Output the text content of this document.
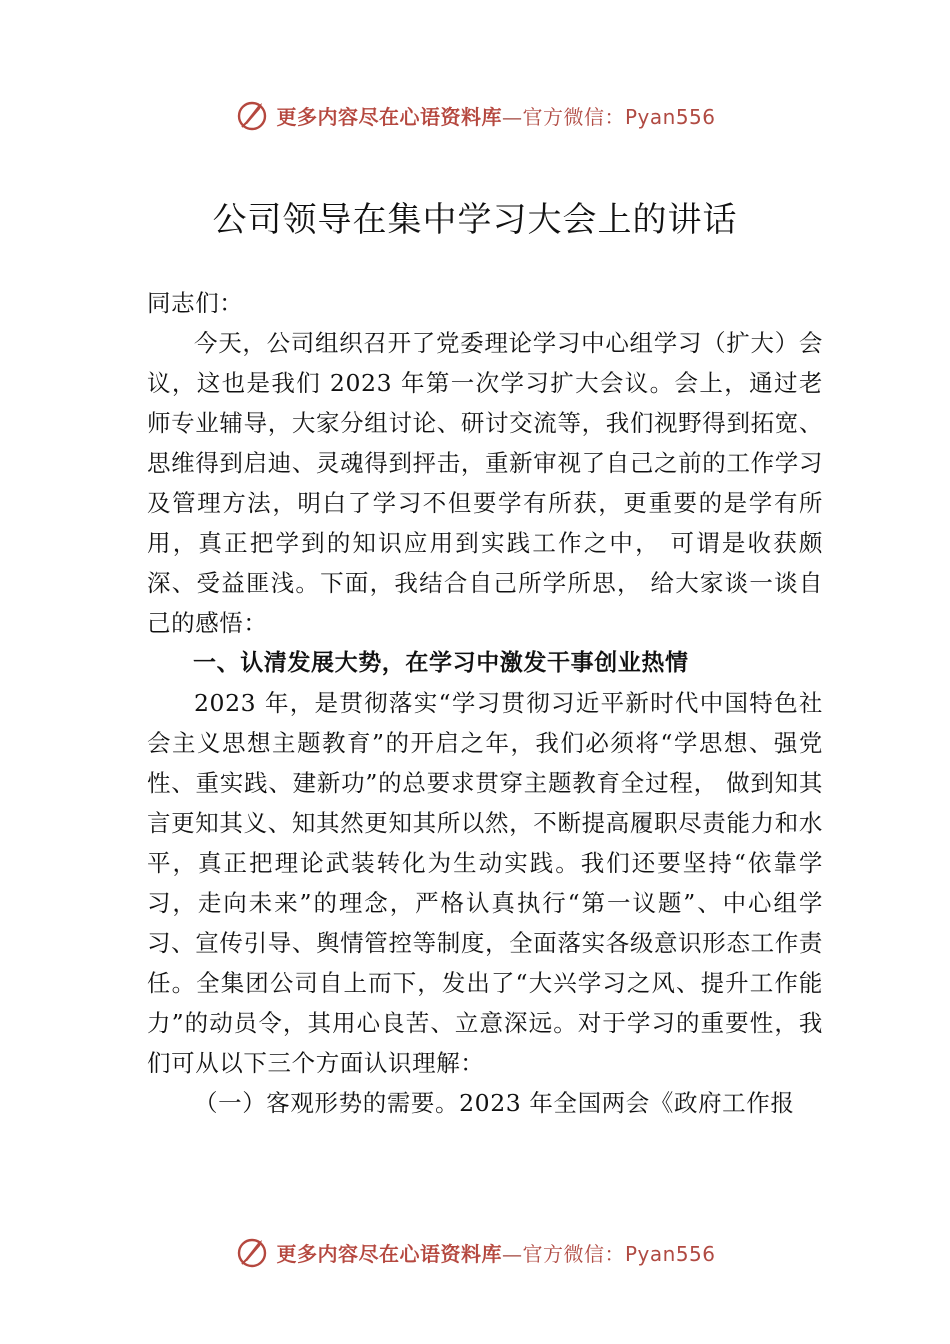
更多内容尽在心语资料库—官方微信：Pyan556
公司领导在集中学习大会上的讲话

同志们：

今天，公司组织召开了党委理论学习中心组学习（扩大）会议，这也是我们 2023 年第一次学习扩大会议。会上，通过老师专业辅导，大家分组讨论、研讨交流等，我们视野得到拓宽、思维得到启迪、灵魂得到抨击，重新审视了自己之前的工作学习及管理方法，明白了学习不但要学有所获，更重要的是学有所用，真正把学到的知识应用到实践工作之中， 可谓是收获颇深、受益匪浅。下面，我结合自己所学所思， 给大家谈一谈自己的感悟：

一、认清发展大势，在学习中激发干事创业热情

2023 年，是贯彻落实“学习贯彻习近平新时代中国特色社会主义思想主题教育”的开启之年，我们必须将“学思想、强党性、重实践、建新功”的总要求贯穿主题教育全过程， 做到知其言更知其义、知其然更知其所以然，不断提高履职尽责能力和水平，真正把理论武装转化为生动实践。我们还要坚持“依靠学习，走向未来”的理念，严格认真执行“第一议题”、中心组学习、宣传引导、舆情管控等制度，全面落实各级意识形态工作责任。全集团公司自上而下，发出了“大兴学习之风、提升工作能力”的动员令，其用心良苦、立意深远。对于学习的重要性，我们可从以下三个方面认识理解：

（一）客观形势的需要。2023 年全国两会《政府工作报

更多内容尽在心语资料库—官方微信：Pyan556
